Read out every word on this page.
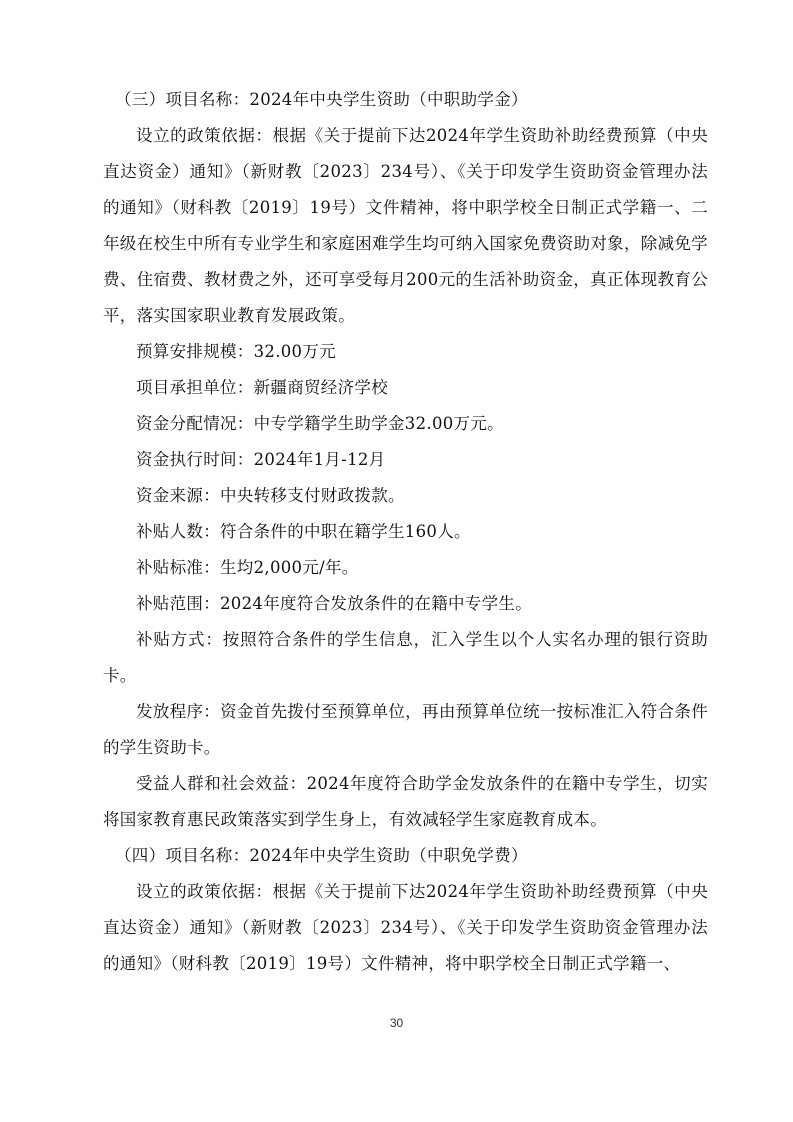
（三）项目名称：2024年中央学生资助（中职助学金）

设立的政策依据：根据《关于提前下达2024年学生资助补助经费预算（中央直达资金）通知》（新财教〔2023〕234号）、《关于印发学生资助资金管理办法的通知》（财科教〔2019〕19号）文件精神，将中职学校全日制正式学籍一、二年级在校生中所有专业学生和家庭困难学生均可纳入国家免费资助对象，除减免学费、住宿费、教材费之外，还可享受每月200元的生活补助资金，真正体现教育公平，落实国家职业教育发展政策。

预算安排规模：32.00万元

项目承担单位：新疆商贸经济学校

资金分配情况：中专学籍学生助学金32.00万元。

资金执行时间：2024年1月-12月

资金来源：中央转移支付财政拨款。

补贴人数：符合条件的中职在籍学生160人。

补贴标准：生均2,000元/年。

补贴范围：2024年度符合发放条件的在籍中专学生。

补贴方式：按照符合条件的学生信息，汇入学生以个人实名办理的银行资助卡。

发放程序：资金首先拨付至预算单位，再由预算单位统一按标准汇入符合条件的学生资助卡。

受益人群和社会效益：2024年度符合助学金发放条件的在籍中专学生，切实将国家教育惠民政策落实到学生身上，有效减轻学生家庭教育成本。

（四）项目名称：2024年中央学生资助（中职免学费）

设立的政策依据：根据《关于提前下达2024年学生资助补助经费预算（中央直达资金）通知》（新财教〔2023〕234号）、《关于印发学生资助资金管理办法的通知》（财科教〔2019〕19号）文件精神，将中职学校全日制正式学籍一、

30
